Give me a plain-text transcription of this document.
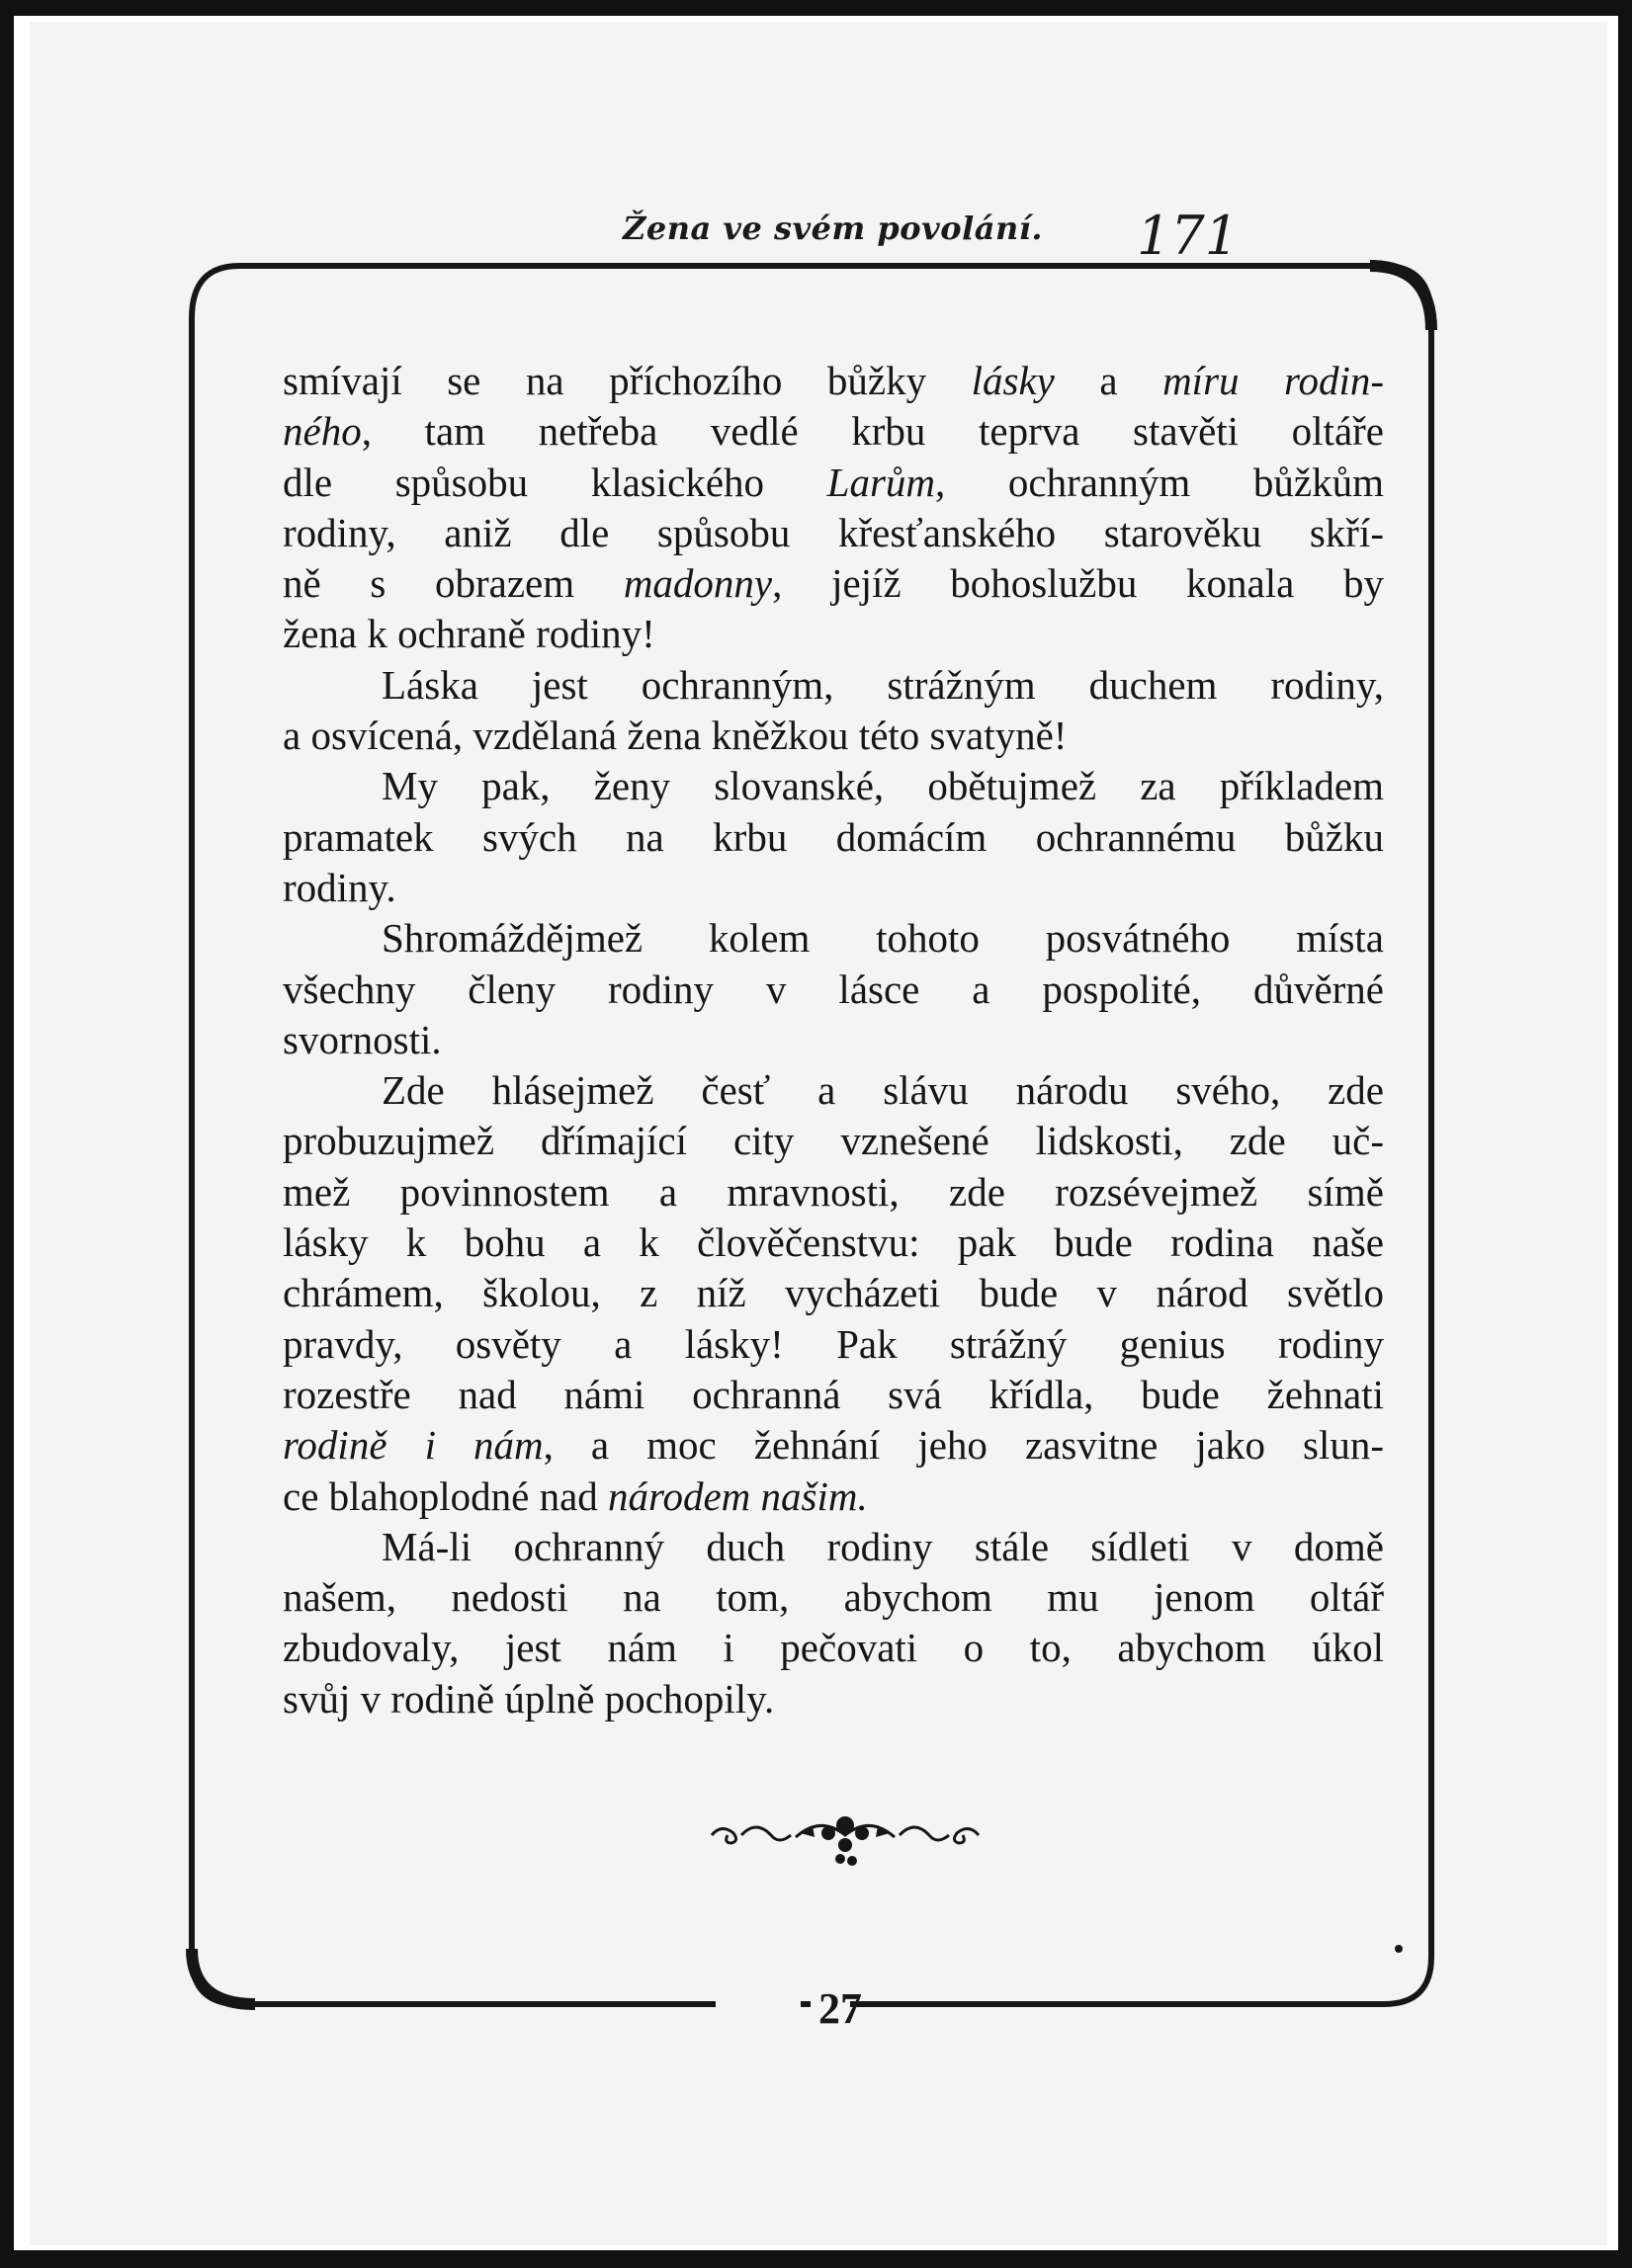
Žena ve svém povolání. 171
smívají se na příchozího bůžky lásky a míru rodin-
ného, tam netřeba vedlé krbu teprva stavěti oltáře
dle spůsobu klasického Larům, ochranným bůžkům
rodiny, aniž dle spůsobu křesťanského starověku skří-
ně s obrazem madonny, jejíž bohoslužbu konala by
žena k ochraně rodiny!
Láska jest ochranným, strážným duchem rodiny,
a osvícená, vzdělaná žena kněžkou této svatyně!
My pak, ženy slovanské, obětujmež za příkladem
pramatek svých na krbu domácím ochrannému bůžku
rodiny.
Shromáždějmež kolem tohoto posvátného místa
všechny členy rodiny v lásce a pospolité, důvěrné
svornosti.
Zde hlásejmež česť a slávu národu svého, zde
probuzujmež dřímající city vznešené lidskosti, zde uč-
mež povinnostem a mravnosti, zde rozsévejmež símě
lásky k bohu a k člověčenstvu: pak bude rodina naše
chrámem, školou, z níž vycházeti bude v národ světlo
pravdy, osvěty a lásky! Pak strážný genius rodiny
rozestře nad námi ochranná svá křídla, bude žehnati
rodině i nám, a moc žehnání jeho zasvitne jako slun-
ce blahoplodné nad národem našim.
Má-li ochranný duch rodiny stále sídleti v domě
našem, nedosti na tom, abychom mu jenom oltář
zbudovaly, jest nám i pečovati o to, abychom úkol
svůj v rodině úplně pochopily.
27
